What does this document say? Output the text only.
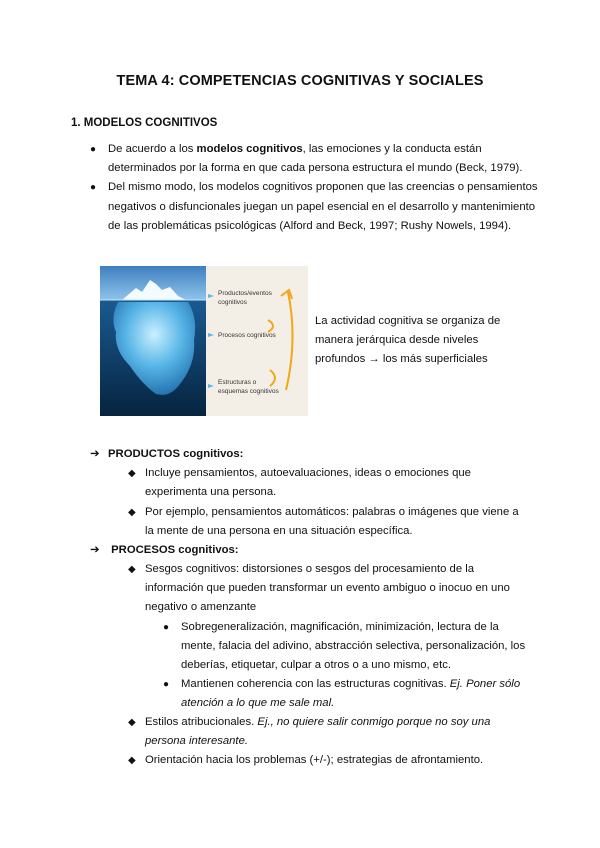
TEMA 4: COMPETENCIAS COGNITIVAS Y SOCIALES
1. MODELOS COGNITIVOS
● De acuerdo a los modelos cognitivos, las emociones y la conducta están determinados por la forma en que cada persona estructura el mundo (Beck, 1979).
● Del mismo modo, los modelos cognitivos proponen que las creencias o pensamientos negativos o disfuncionales juegan un papel esencial en el desarrollo y mantenimiento de las problemáticas psicológicas (Alford and Beck, 1997; Rushy Nowels, 1994).
Productos/eventos
cognitivos
Procesos cognitivos
Estructuras o
esquemas cognitivos
La actividad cognitiva se organiza de manera jerárquica desde niveles profundos → los más superficiales
➔ PRODUCTOS cognitivos:
◆ Incluye pensamientos, autoevaluaciones, ideas o emociones que experimenta una persona.
◆ Por ejemplo, pensamientos automáticos: palabras o imágenes que viene a la mente de una persona en una situación específica.
➔ PROCESOS cognitivos:
◆ Sesgos cognitivos: distorsiones o sesgos del procesamiento de la información que pueden transformar un evento ambiguo o inocuo en uno negativo o amenzante
●	Sobregeneralización, magnificación, minimización, lectura de la mente, falacia del adivino, abstracción selectiva, personalización, los deberías, etiquetar, culpar a otros o a uno mismo, etc.
●	Mantienen coherencia con las estructuras cognitivas. Ej. Poner sólo atención a lo que me sale mal.
◆ Estilos atribucionales. Ej., no quiere salir conmigo porque no soy una persona interesante.
◆ Orientación hacia los problemas (+/-); estrategias de afrontamiento.
